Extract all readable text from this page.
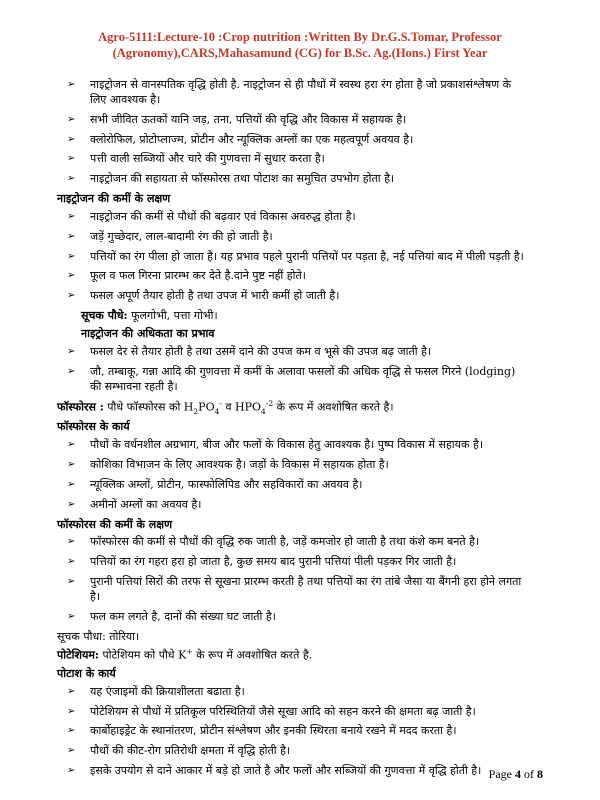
Agro-5111:Lecture-10 :Crop nutrition :Written By Dr.G.S.Tomar, Professor
(Agronomy),CARS,Mahasamund (CG) for B.Sc. Ag.(Hons.) First Year
➢ नाइट्रोजन से वानस्पतिक वृद्धि होती है. नाइट्रोजन से ही पौधों में स्वस्थ हरा रंग होता है जो प्रकाशसंश्लेषण के लिए आवश्यक है।
➢ सभी जीवित ऊतकों यानि जड़, तना, पत्तियों की वृद्धि और विकास में सहायक है।
➢ क्लोरोफिल, प्रोटोप्लाज्म, प्रोटीन और न्यूक्लिक अम्लों का एक महत्वपूर्ण अवयव है।
➢ पत्ती वाली सब्जियों और चारे की गुणवत्ता में सुधार करता है।
➢ नाइट्रोजन की सहायता से फॉस्फोरस तथा पोटाश का समुचित उपभोग होता है।
नाइट्रोजन की कमीं के लक्षण
➢ नाइट्रोजन की कमीं से पौधों की बढ़वार एवं विकास अवरुद्ध होता है।
➢ जड़ें गुच्छेदार, लाल-बादामी रंग की हो जाती है।
➢ पत्तियों का रंग पीला हो जाता है। यह प्रभाव पहले पुरानी पत्तियों पर पड़ता है, नई पत्तियां बाद में पीली पड़ती है।
➢ फूल व फल गिरना प्रारम्भ कर देते है.दाने पुष्ट नहीं होते।
➢ फसल अपूर्ण तैयार होती है तथा उपज में भारी कमीं हो जाती है।
सूचक पौधे: फूलगोभी, पत्ता गोभी।
नाइट्रोजन की अधिकता का प्रभाव
➢ फसल देर से तैयार होती है तथा उसमें दाने की उपज कम व भूसे की उपज बढ़ जाती है।
➢ जौ, तम्बाकू, गन्ना आदि की गुणवत्ता में कमीं के अलावा फसलों की अधिक वृद्धि से फसल गिरने (lodging) की सम्भावना रहती है।
फॉस्फोरस : पौधे फॉस्फोरस को $H_2PO_4^-$ व $HPO_4^{-2}$ के रूप में अवशोषित करते है।
फॉस्फोरस के कार्य
➢ पौधों के वर्धनशील अग्रभाग, बीज और फलों के विकास हेतु आवश्यक है। पुष्प विकास में सहायक है।
➢ कोशिका विभाजन के लिए आवश्यक है। जड़ों के विकास में सहायक होता है।
➢ न्यूक्लिक अम्लों, प्रोटीन, फास्फोलिपिड और सहविकारों का अवयव है।
➢ अमीनों अम्लों का अवयव है।
फॉस्फोरस की कमीं के लक्षण
➢ फॉस्फोरस की कमीं से पौधों की वृद्धि रुक जाती है, जड़ें कमजोर हो जाती है तथा कंशे कम बनते है।
➢ पत्तियों का रंग गहरा हरा हो जाता है, कुछ समय बाद पुरानी पत्तियां पीली पड़कर गिर जाती है।
➢ पुरानी पत्तियां सिरों की तरफ से सूखना प्रारम्भ करती है तथा पत्तियों का रंग तांबे जैसा या बैंगनी हरा होने लगता है।
➢ फल कम लगते है, दानों की संख्या घट जाती है।
सूचक पौधा: तोरिया।
पोटेशियम: पोटेशियम को पौधे K+ के रूप में अवशोषित करते है.
पोटाश के कार्य
➢ यह एंजाइमों की क्रियाशीलता बढाता है।
➢ पोटेशियम से पौधों में प्रतिकूल परिस्थितियों जैसे सूखा आदि को सहन करने की क्षमता बढ़ जाती है।
➢ कार्बोहाइड्रेट के स्थानांतरण, प्रोटीन संश्लेषण और इनकी स्थिरता बनाये रखने में मदद करता है।
➢ पौधों की कीट-रोग प्रतिरोधी क्षमता में वृद्धि होती है।
➢ इसके उपयोग से दाने आकार में बड़े हो जाते है और फलों और सब्जियों की गुणवत्ता में वृद्धि होती है। Page 4 of 8
